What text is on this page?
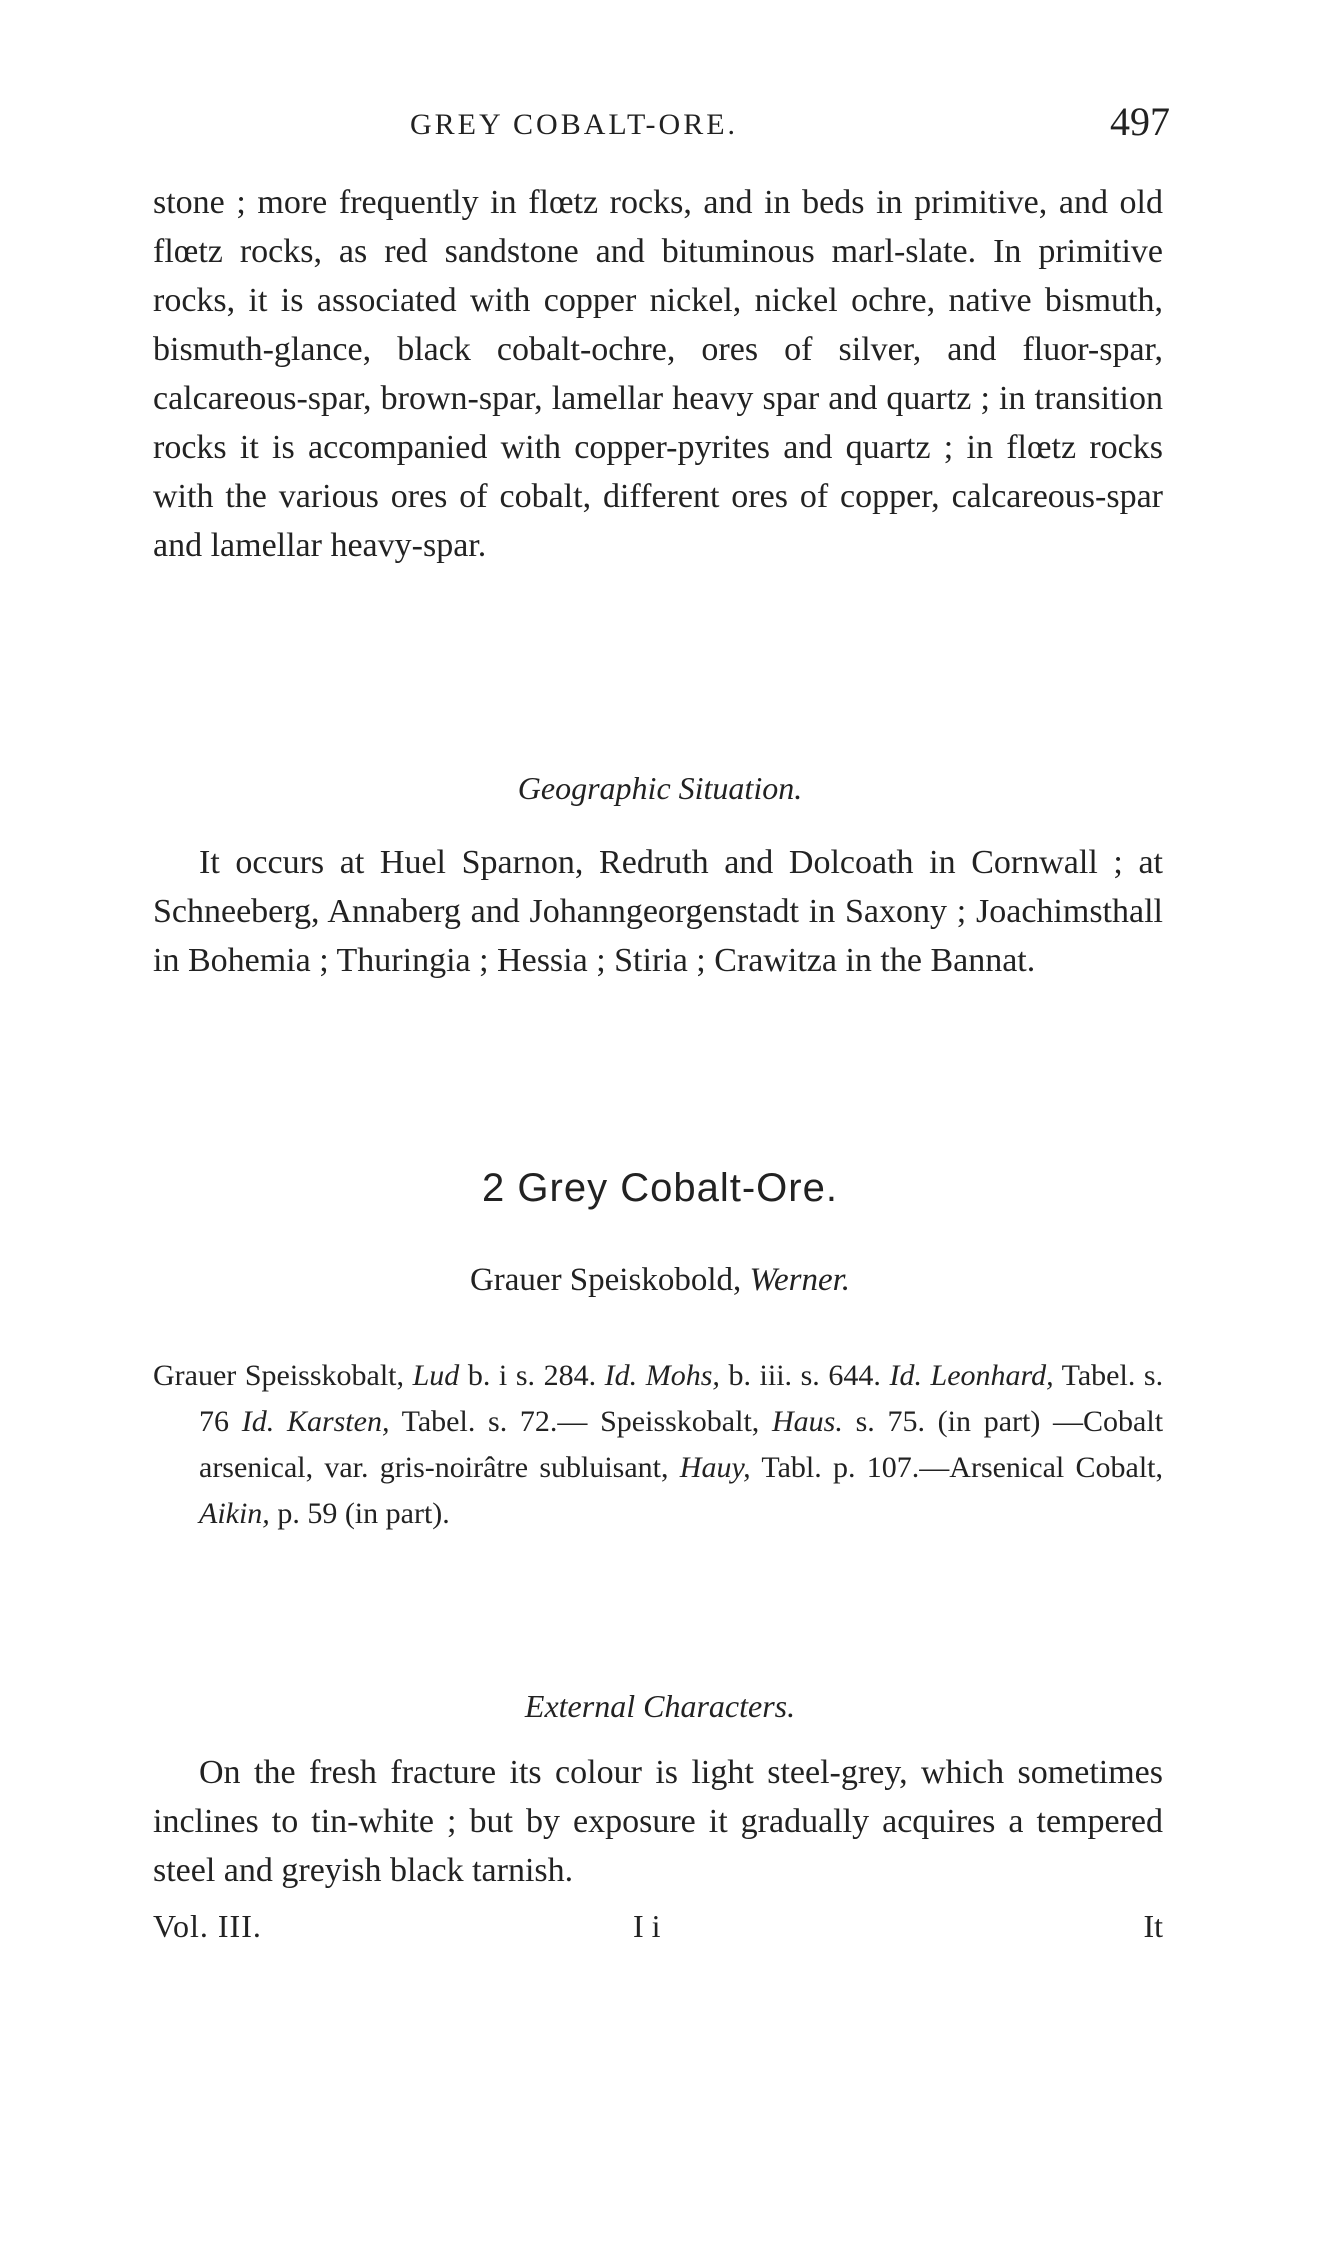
GREY COBALT-ORE.	497

stone ; more frequently in flœtz rocks, and in beds in primitive, and old flœtz rocks, as red sandstone and bituminous marl-slate. In primitive rocks, it is associated with copper nickel, nickel ochre, native bismuth, bismuth-glance, black cobalt-ochre, ores of silver, and fluor-spar, calcareous-spar, brown-spar, lamellar heavy spar and quartz ; in transition rocks it is accompanied with copper-pyrites and quartz ; in flœtz rocks with the various ores of cobalt, different ores of copper, calcareous-spar and lamellar heavy-spar.

Geographic Situation.

It occurs at Huel Sparnon, Redruth and Dolcoath in Cornwall ; at Schneeberg, Annaberg and Johanngeorgenstadt in Saxony ; Joachimsthall in Bohemia ; Thuringia ; Hessia ; Stiria ; Crawitza in the Bannat.

2 Grey Cobalt-Ore.
Grauer Speiskobold, Werner.

Grauer Speisskobalt, Lud b. i s. 284. Id. Mohs, b. iii. s. 644. Id. Leonhard, Tabel. s. 76 Id. Karsten, Tabel. s. 72.— Speisskobalt, Haus. s. 75. (in part) —Cobalt arsenical, var. gris-noirâtre subluisant, Hauy, Tabl. p. 107.—Arsenical Cobalt, Aikin, p. 59 (in part).

External Characters.

On the fresh fracture its colour is light steel-grey, which sometimes inclines to tin-white ; but by exposure it gradually acquires a tempered steel and greyish black tarnish.

Vol. III.	I i	It
